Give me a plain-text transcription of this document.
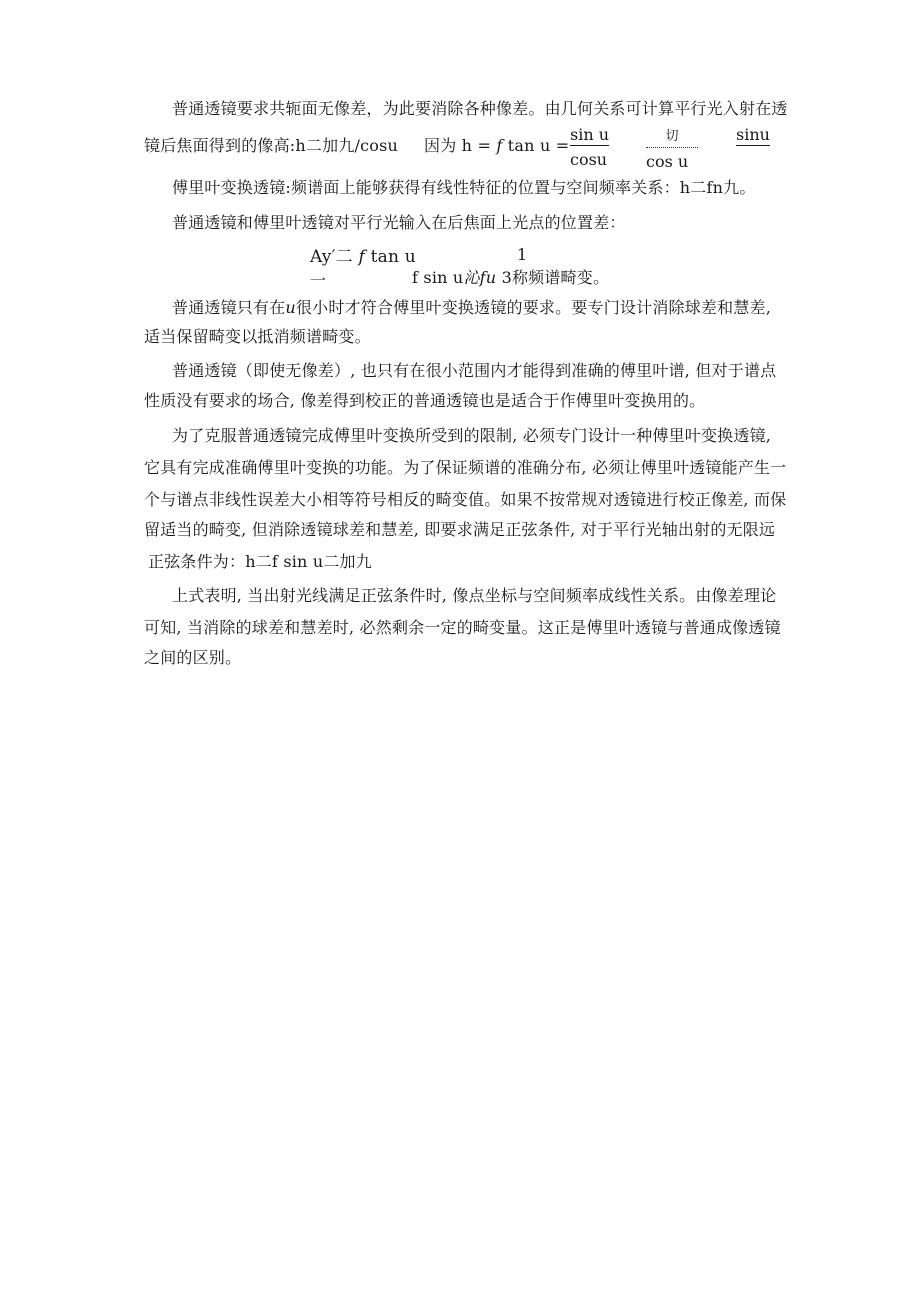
普通透镜要求共轭面无像差，为此要消除各种像差。由几何关系可计算平行光入射在透
镜后焦面得到的像高:h二加九/cosu 因为 h = f tan u =
sin u
cosu
切
cos u
sinu
傅里叶变换透镜:频谱面上能够获得有线性特征的位置与空间频率关系：h二fn九。
普通透镜和傅里叶透镜对平行光输入在后焦面上光点的位置差：
Ay′二 f tan u	1
一	f sin u沁fu 3称频谱畸变。
普通透镜只有在u很小时才符合傅里叶变换透镜的要求。要专门设计消除球差和慧差,
适当保留畸变以抵消频谱畸变。
普通透镜（即使无像差）, 也只有在很小范围内才能得到准确的傅里叶谱, 但对于谱点
性质没有要求的场合, 像差得到校正的普通透镜也是适合于作傅里叶变换用的。
为了克服普通透镜完成傅里叶变换所受到的限制, 必须专门设计一种傅里叶变换透镜,
它具有完成准确傅里叶变换的功能。为了保证频谱的准确分布, 必须让傅里叶透镜能产生一
个与谱点非线性误差大小相等符号相反的畸变值。如果不按常规对透镜进行校正像差, 而保
留适当的畸变, 但消除透镜球差和慧差, 即要求满足正弦条件, 对于平行光轴出射的无限远
正弦条件为：h二f sin u二加九
上式表明, 当出射光线满足正弦条件时, 像点坐标与空间频率成线性关系。由像差理论
可知, 当消除的球差和慧差时, 必然剩余一定的畸变量。这正是傅里叶透镜与普通成像透镜
之间的区别。
